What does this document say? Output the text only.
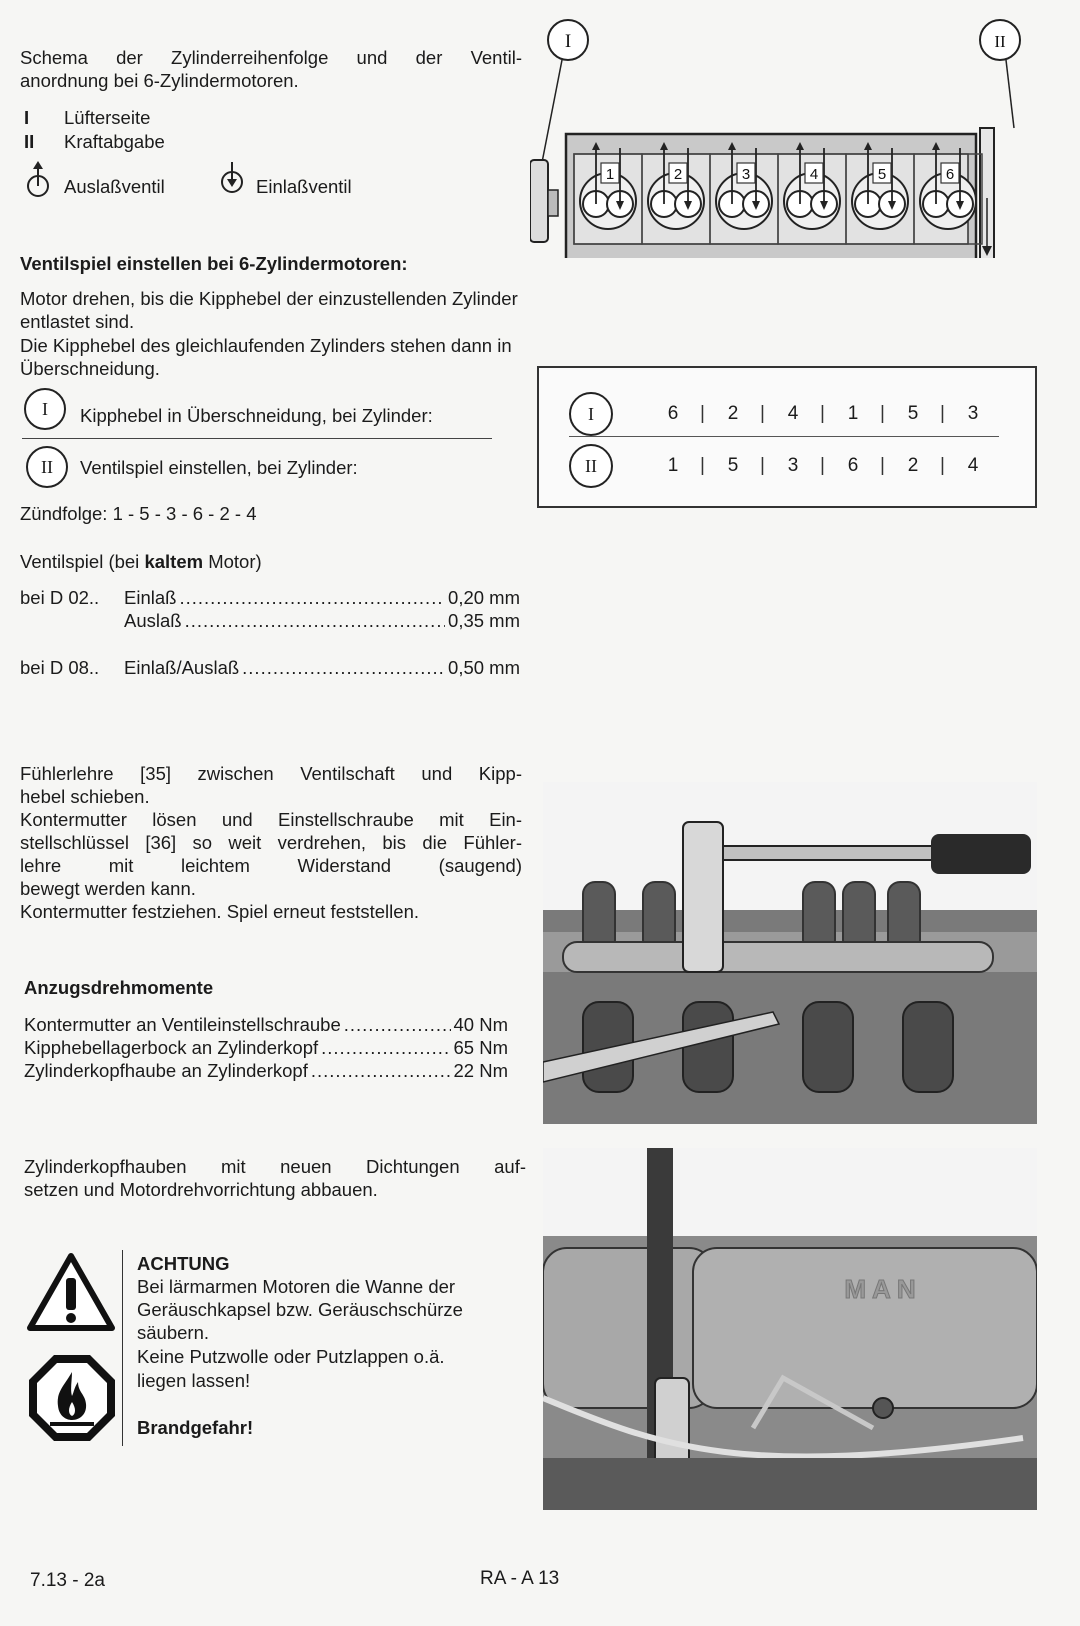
Schema der Zylinderreihenfolge und der Ventil-
anordnung bei 6-Zylindermotoren.
I Lüfterseite
II Kraftabgabe
Auslaßventil	Einlaßventil
Ventilspiel einstellen bei 6-Zylindermotoren:
Motor drehen, bis die Kipphebel der einzustellenden Zylinder entlastet sind.
Die Kipphebel des gleichlaufenden Zylinders stehen dann in Überschneidung.
I	Kipphebel in Überschneidung, bei Zylinder:
II	Ventilspiel einstellen, bei Zylinder:
Zündfolge: 1 - 5 - 3 - 6 - 2 - 4
Ventilspiel (bei kaltem Motor)
bei D 02..	Einlaß .....	0,20 mm
Auslaß .....	0,35 mm
bei D 08..	Einlaß/Auslaß .....	0,50 mm
Fühlerlehre [35] zwischen Ventilschaft und Kipp-
hebel schieben.
Kontermutter lösen und Einstellschraube mit Ein-
stellschlüssel [36] so weit verdrehen, bis die Fühler-
lehre mit leichtem Widerstand (saugend)
bewegt werden kann.
Kontermutter festziehen. Spiel erneut feststellen.
Anzugsdrehmomente
Kontermutter an Ventileinstellschraube .....	40 Nm
Kipphebellagerbock an Zylinderkopf .....	65 Nm
Zylinderkopfhaube an Zylinderkopf .....	22 Nm
Zylinderkopfhauben mit neuen Dichtungen auf-
setzen und Motordrehvorrichtung abbauen.
ACHTUNG
Bei lärmarmen Motoren die Wanne der
Geräuschkapsel bzw. Geräuschschürze
säubern.
Keine Putzwolle oder Putzlappen o.ä.
liegen lassen!
Brandgefahr!
I	II
1	2	3	4	5	6
I	6	| 2	| 4	| 1	| 5	| 3
II	1	| 5	| 3	| 6	| 2	| 4
MAN
7.13 - 2a	RA - A 13
